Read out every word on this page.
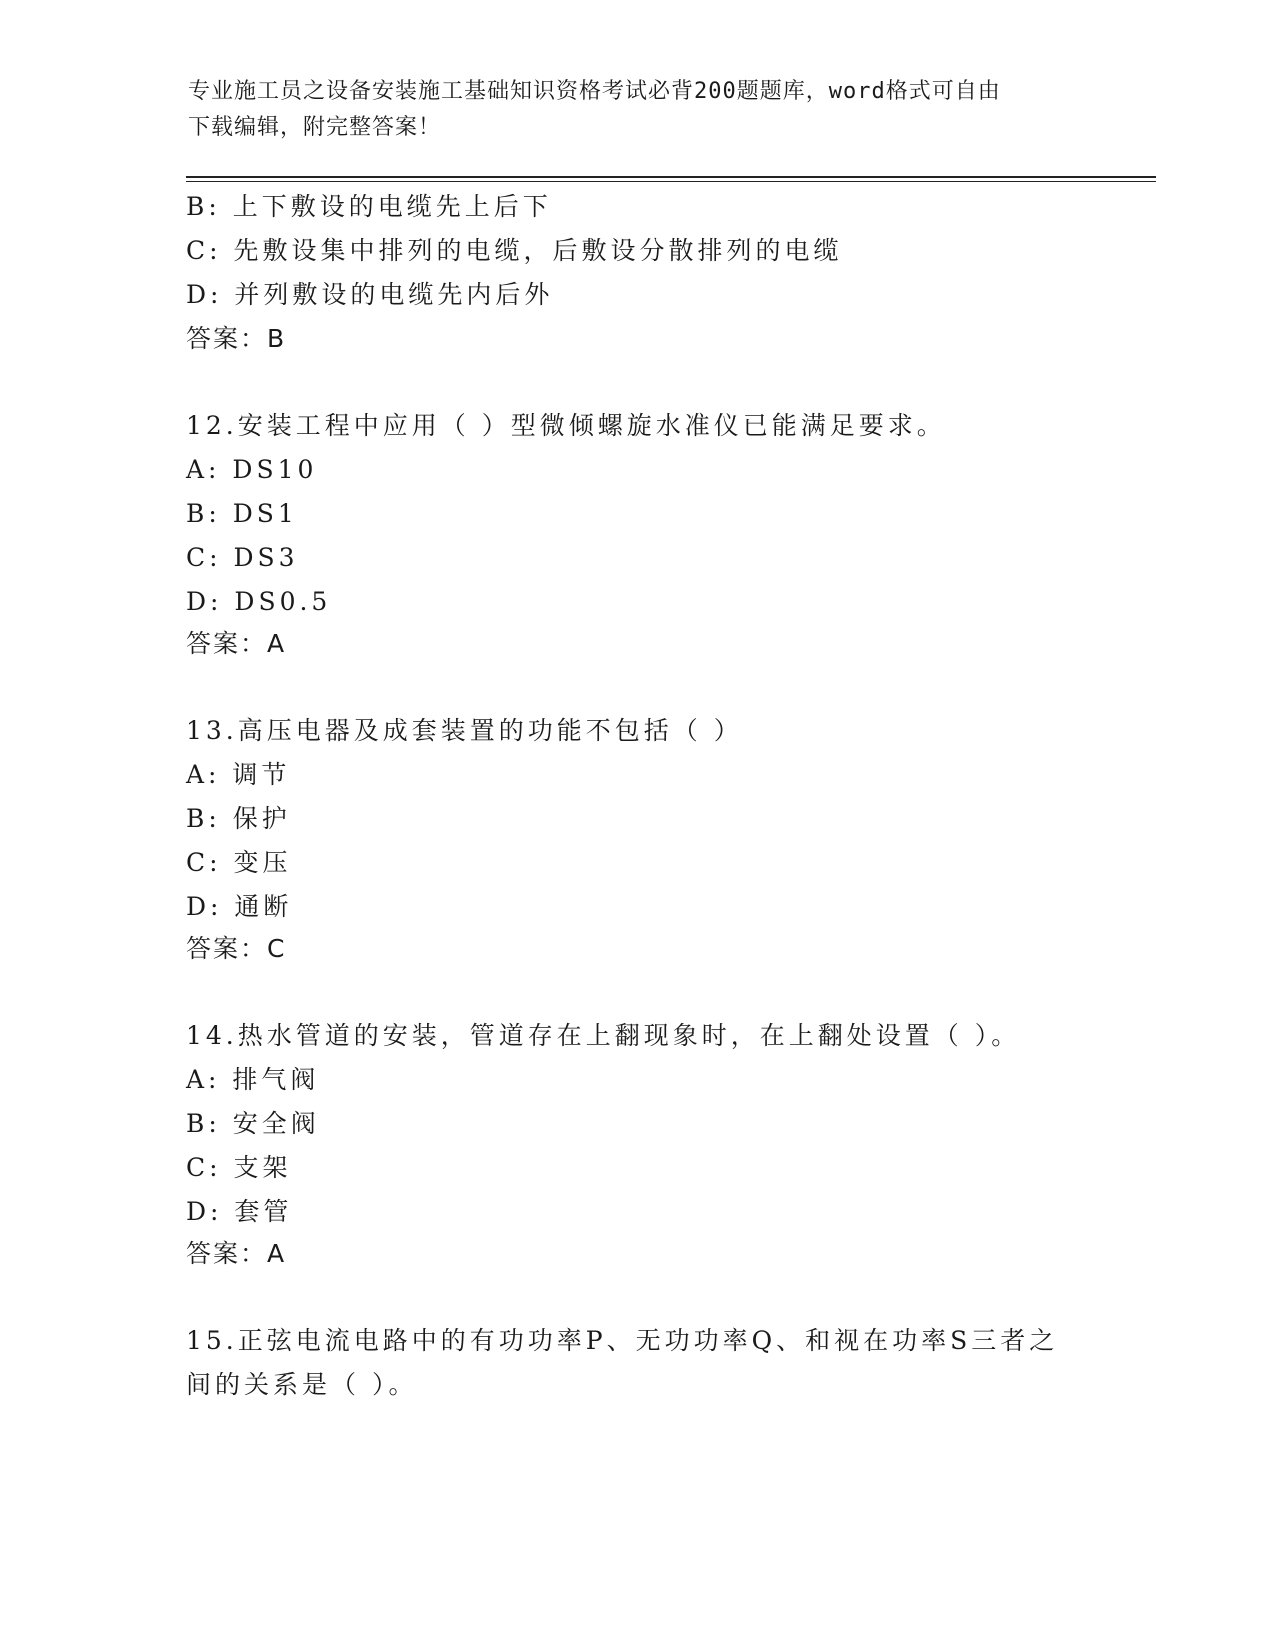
专业施工员之设备安装施工基础知识资格考试必背200题题库，word格式可自由
下载编辑，附完整答案！
B: 上下敷设的电缆先上后下
C: 先敷设集中排列的电缆，后敷设分散排列的电缆
D: 并列敷设的电缆先内后外
答案：B
12.安装工程中应用（ ）型微倾螺旋水准仪已能满足要求。
A: DS10
B: DS1
C: DS3
D: DS0.5
答案：A
13.高压电器及成套装置的功能不包括（ ）
A: 调节
B: 保护
C: 变压
D: 通断
答案：C
14.热水管道的安装，管道存在上翻现象时，在上翻处设置（ ）。
A: 排气阀
B: 安全阀
C: 支架
D: 套管
答案：A
15.正弦电流电路中的有功功率P、无功功率Q、和视在功率S三者之
间的关系是（ ）。
